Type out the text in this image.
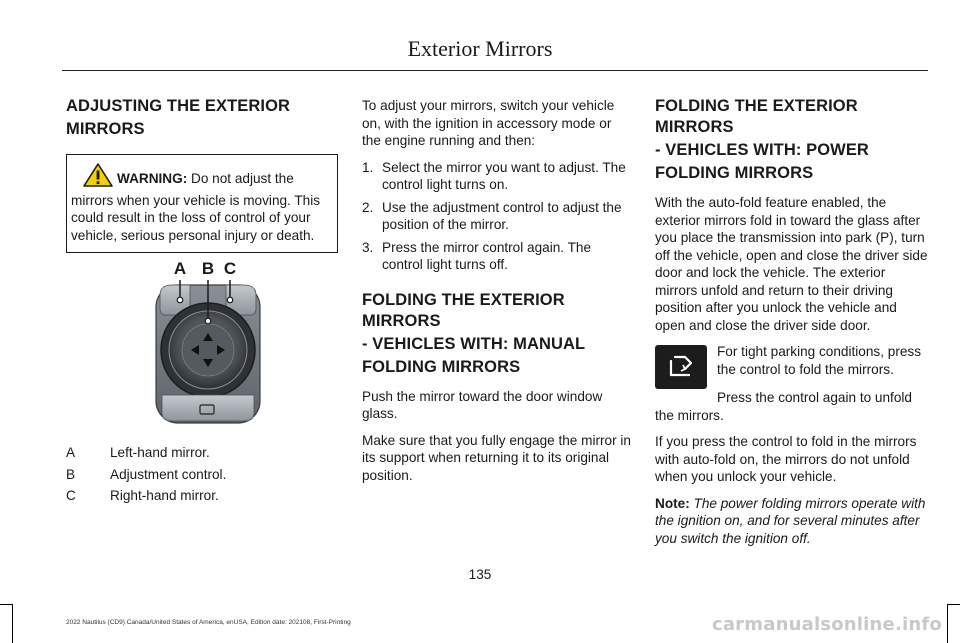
Exterior Mirrors
ADJUSTING THE EXTERIOR
MIRRORS
WARNING: Do not adjust the mirrors when your vehicle is moving. This could result in the loss of control of your vehicle, serious personal injury or death.
A B C
A	Left-hand mirror.
B	Adjustment control.
C	Right-hand mirror.

To adjust your mirrors, switch your vehicle on, with the ignition in accessory mode or the engine running and then:

1. Select the mirror you want to adjust. The control light turns on.
2. Use the adjustment control to adjust the position of the mirror.
3. Press the mirror control again. The control light turns off.
FOLDING THE EXTERIOR MIRRORS
- VEHICLES WITH: MANUAL
FOLDING MIRRORS

Push the mirror toward the door window glass.

Make sure that you fully engage the mirror in its support when returning it to its original position.

FOLDING THE EXTERIOR MIRRORS
- VEHICLES WITH: POWER
FOLDING MIRRORS

With the auto-fold feature enabled, the exterior mirrors fold in toward the glass after you place the transmission into park (P), turn off the vehicle, open and close the driver side door and lock the vehicle. The exterior mirrors unfold and return to their driving position after you unlock the vehicle and open and close the driver side door.

For tight parking conditions, press the control to fold the mirrors.

Press the control again to unfold the mirrors.

If you press the control to fold in the mirrors with auto-fold on, the mirrors do not unfold when you unlock your vehicle.

Note: The power folding mirrors operate with the ignition on, and for several minutes after you switch the ignition off.

135
2022 Nautilus (CD9) Canada/United States of America, enUSA, Edition date: 202108, First-Printing	carmanualsonline.info
